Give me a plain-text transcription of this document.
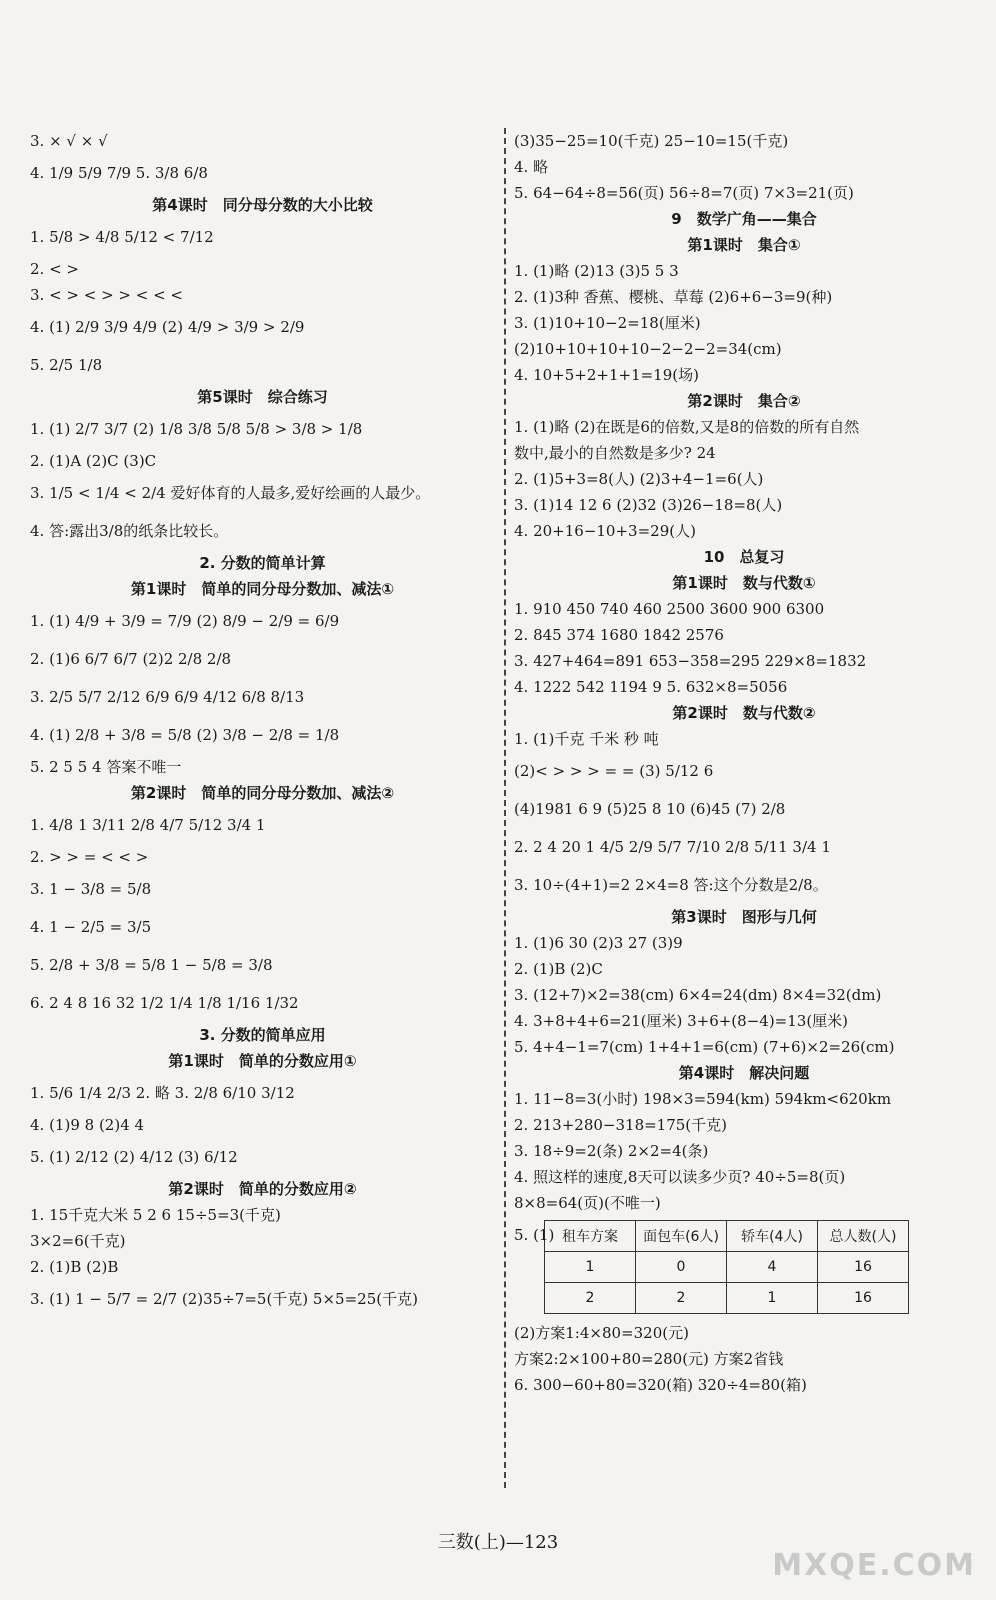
3. × √ × √
4. 1/9 5/9 7/9 5. 3/8 6/8
第4课时　同分母分数的大小比较
1. 5/8 > 4/8 5/12 < 7/12
2. < >
3. < > < > > < < <
4. (1) 2/9 3/9 4/9 (2) 4/9 > 3/9 > 2/9
5. 2/5 1/8
第5课时　综合练习
1. (1) 2/7 3/7 (2) 1/8 3/8 5/8 5/8 > 3/8 > 1/8
2. (1)A (2)C (3)C
3. 1/5 < 1/4 < 2/4 爱好体育的人最多,爱好绘画的人最少。
4. 答:露出3/8的纸条比较长。
2. 分数的简单计算
第1课时　简单的同分母分数加、减法①
1. (1) 4/9 + 3/9 = 7/9 (2) 8/9 − 2/9 = 6/9
2. (1)6 6/7 6/7 (2)2 2/8 2/8
3. 2/5 5/7 2/12 6/9 6/9 4/12 6/8 8/13
4. (1) 2/8 + 3/8 = 5/8 (2) 3/8 − 2/8 = 1/8
5. 2 5 5 4 答案不唯一
第2课时　简单的同分母分数加、减法②
1. 4/8 1 3/11 2/8 4/7 5/12 3/4 1
2. > > = < < >
3. 1 − 3/8 = 5/8
4. 1 − 2/5 = 3/5
5. 2/8 + 3/8 = 5/8 1 − 5/8 = 3/8
6. 2 4 8 16 32 1/2 1/4 1/8 1/16 1/32
3. 分数的简单应用
第1课时　简单的分数应用①
1. 5/6 1/4 2/3 2. 略 3. 2/8 6/10 3/12
4. (1)9 8 (2)4 4
5. (1) 2/12 (2) 4/12 (3) 6/12
第2课时　简单的分数应用②
1. 15千克大米 5 2 6 15÷5=3(千克)
3×2=6(千克)
2. (1)B (2)B
3. (1) 1 − 5/7 = 2/7 (2)35÷7=5(千克) 5×5=25(千克)
(3)35−25=10(千克) 25−10=15(千克)
4. 略
5. 64−64÷8=56(页) 56÷8=7(页) 7×3=21(页)
9　数学广角——集合
第1课时　集合①
1. (1)略 (2)13 (3)5 5 3
2. (1)3种 香蕉、樱桃、草莓 (2)6+6−3=9(种)
3. (1)10+10−2=18(厘米)
(2)10+10+10+10−2−2−2=34(cm)
4. 10+5+2+1+1=19(场)
第2课时　集合②
1. (1)略 (2)在既是6的倍数,又是8的倍数的所有自然
数中,最小的自然数是多少? 24
2. (1)5+3=8(人) (2)3+4−1=6(人)
3. (1)14 12 6 (2)32 (3)26−18=8(人)
4. 20+16−10+3=29(人)
10　总复习
第1课时　数与代数①
1. 910 450 740 460 2500 3600 900 6300
2. 845 374 1680 1842 2576
3. 427+464=891 653−358=295 229×8=1832
4. 1222 542 1194 9 5. 632×8=5056
第2课时　数与代数②
1. (1)千克 千米 秒 吨
(2)< > > > = = (3) 5/12 6
(4)1981 6 9 (5)25 8 10 (6)45 (7) 2/8
2. 2 4 20 1 4/5 2/9 5/7 7/10 2/8 5/11 3/4 1
3. 10÷(4+1)=2 2×4=8 答:这个分数是2/8。
第3课时　图形与几何
1. (1)6 30 (2)3 27 (3)9
2. (1)B (2)C
3. (12+7)×2=38(cm) 6×4=24(dm) 8×4=32(dm)
4. 3+8+4+6=21(厘米) 3+6+(8−4)=13(厘米)
5. 4+4−1=7(cm) 1+4+1=6(cm) (7+6)×2=26(cm)
第4课时　解决问题
1. 11−8=3(小时) 198×3=594(km) 594km<620km
2. 213+280−318=175(千克)
3. 18÷9=2(条) 2×2=4(条)
4. 照这样的速度,8天可以读多少页? 40÷5=8(页)
8×8=64(页)(不唯一)
5. (1) 租车方案	面包车(6人)	轿车(4人)	总人数(人)
1	0	4	16
2	2	1	16
(2)方案1:4×80=320(元)
方案2:2×100+80=280(元) 方案2省钱
6. 300−60+80=320(箱) 320÷4=80(箱)
三数(上)—123
MXQE.COM
